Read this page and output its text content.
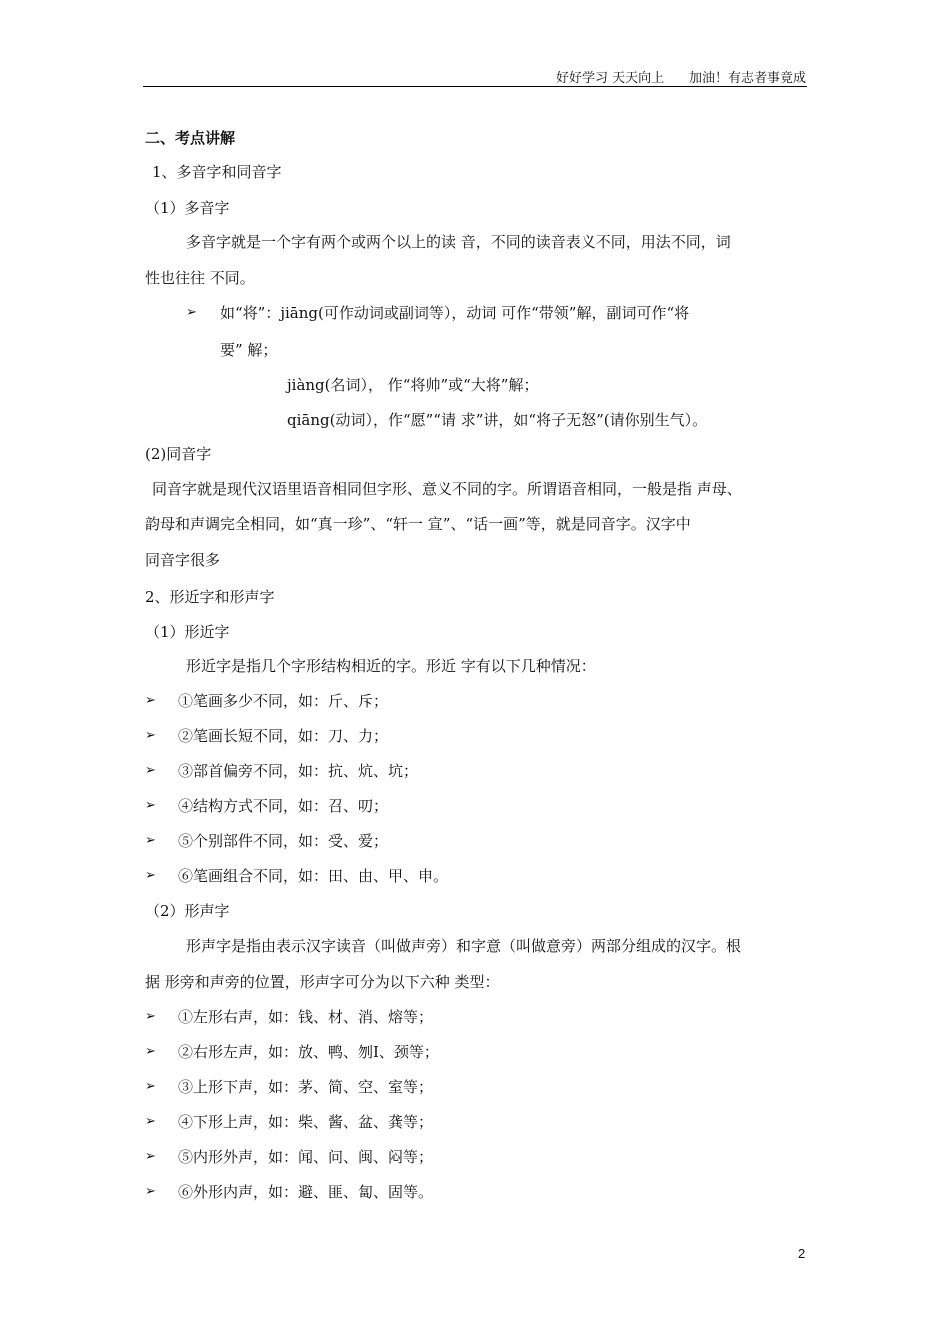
好好学习 天天向上 加油！有志者事竟成
二、考点讲解
1、多音字和同音字
（1）多音字
多音字就是一个字有两个或两个以上的读 音，不同的读音表义不同，用法不同，词
性也往往 不同。
➢ 如“将”：jiāng(可作动词或副词等），动词 可作“带领”解，副词可作“将
要” 解；
jiàng(名词）， 作“将帅”或“大将”解；
qiāng(动词），作“愿”“请 求”讲，如“将子无怒”(请你别生气）。
(2)同音字
同音字就是现代汉语里语音相同但字形、意义不同的字。所谓语音相同，一般是指 声母、
韵母和声调完全相同，如“真一珍”、“轩一 宣”、“话一画”等，就是同音字。汉字中
同音字很多
2、形近字和形声字
（1）形近字
形近字是指几个字形结构相近的字。形近 字有以下几种情况：
➢ ①笔画多少不同，如：斤、斥；
➢ ②笔画长短不同，如：刀、力；
➢ ③部首偏旁不同，如：抗、炕、坑；
➢ ④结构方式不同，如：召、叨；
➢ ⑤个别部件不同，如：受、爱；
➢ ⑥笔画组合不同，如：田、由、甲、申。
（2）形声字
形声字是指由表示汉字读音（叫做声旁）和字意（叫做意旁）两部分组成的汉字。根
据 形旁和声旁的位置，形声字可分为以下六种 类型：
➢ ①左形右声，如：钱、材、消、熔等；
➢ ②右形左声，如：放、鸭、刎I、颈等；
➢ ③上形下声，如：茅、简、空、室等；
➢ ④下形上声，如：柴、酱、盆、龚等；
➢ ⑤内形外声，如：闻、问、闽、闷等；
➢ ⑥外形内声，如：避、匪、匐、固等。
2
